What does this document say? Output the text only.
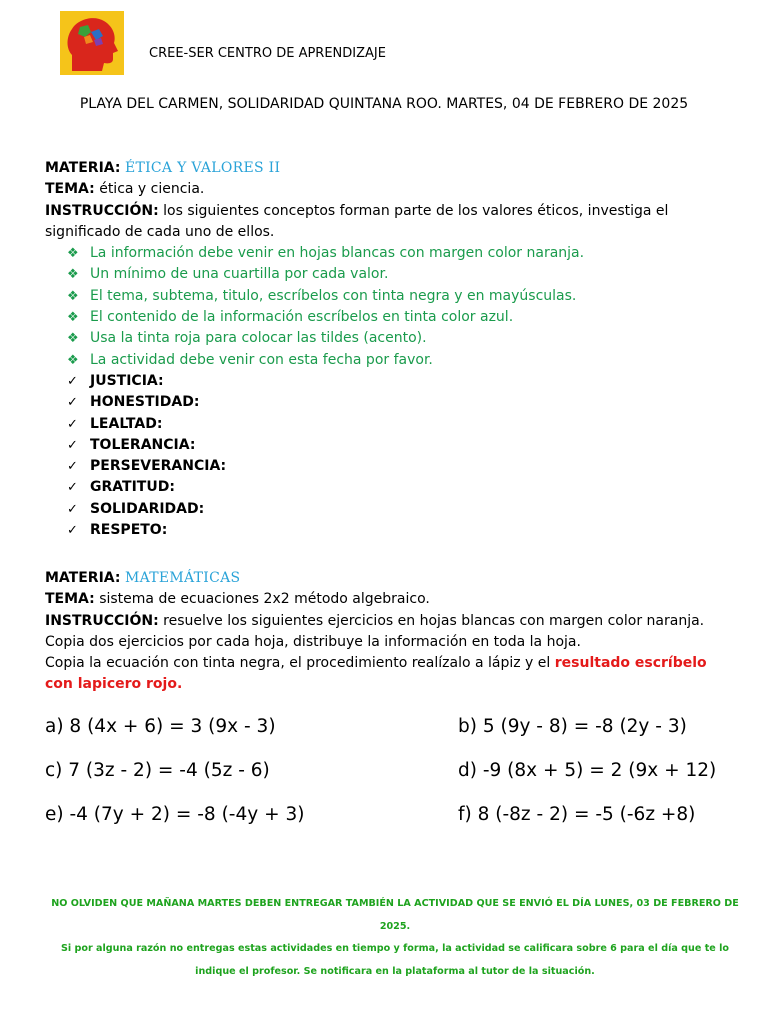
CREE-SER CENTRO DE APRENDIZAJE
PLAYA DEL CARMEN, SOLIDARIDAD QUINTANA ROO. MARTES, 04 DE FEBRERO DE 2025
MATERIA: ÉTICA Y VALORES II
TEMA: ética y ciencia.
INSTRUCCIÓN: los siguientes conceptos forman parte de los valores éticos, investiga el significado de cada uno de ellos.
❖ La información debe venir en hojas blancas con margen color naranja.
❖ Un mínimo de una cuartilla por cada valor.
❖ El tema, subtema, titulo, escríbelos con tinta negra y en mayúsculas.
❖ El contenido de la información escríbelos en tinta color azul.
❖ Usa la tinta roja para colocar las tildes (acento).
❖ La actividad debe venir con esta fecha por favor.
✓ JUSTICIA:
✓ HONESTIDAD:
✓ LEALTAD:
✓ TOLERANCIA:
✓ PERSEVERANCIA:
✓ GRATITUD:
✓ SOLIDARIDAD:
✓ RESPETO:
MATERIA: MATEMÁTICAS
TEMA: sistema de ecuaciones 2x2 método algebraico.
INSTRUCCIÓN: resuelve los siguientes ejercicios en hojas blancas con margen color naranja.
Copia dos ejercicios por cada hoja, distribuye la información en toda la hoja.
Copia la ecuación con tinta negra, el procedimiento realízalo a lápiz y el resultado escríbelo con lapicero rojo.
a) 8 (4x + 6) = 3 (9x - 3)	b) 5 (9y - 8) = -8 (2y - 3)
c) 7 (3z - 2) = -4 (5z - 6)	d) -9 (8x + 5) = 2 (9x + 12)
e) -4 (7y + 2) = -8 (-4y + 3)	f) 8 (-8z - 2) = -5 (-6z +8)
NO OLVIDEN QUE MAÑANA MARTES DEBEN ENTREGAR TAMBIÉN LA ACTIVIDAD QUE SE ENVIÓ EL DÍA LUNES, 03 DE FEBRERO DE 2025.
Si por alguna razón no entregas estas actividades en tiempo y forma, la actividad se calificara sobre 6 para el día que te lo indique el profesor. Se notificara en la plataforma al tutor de la situación.
